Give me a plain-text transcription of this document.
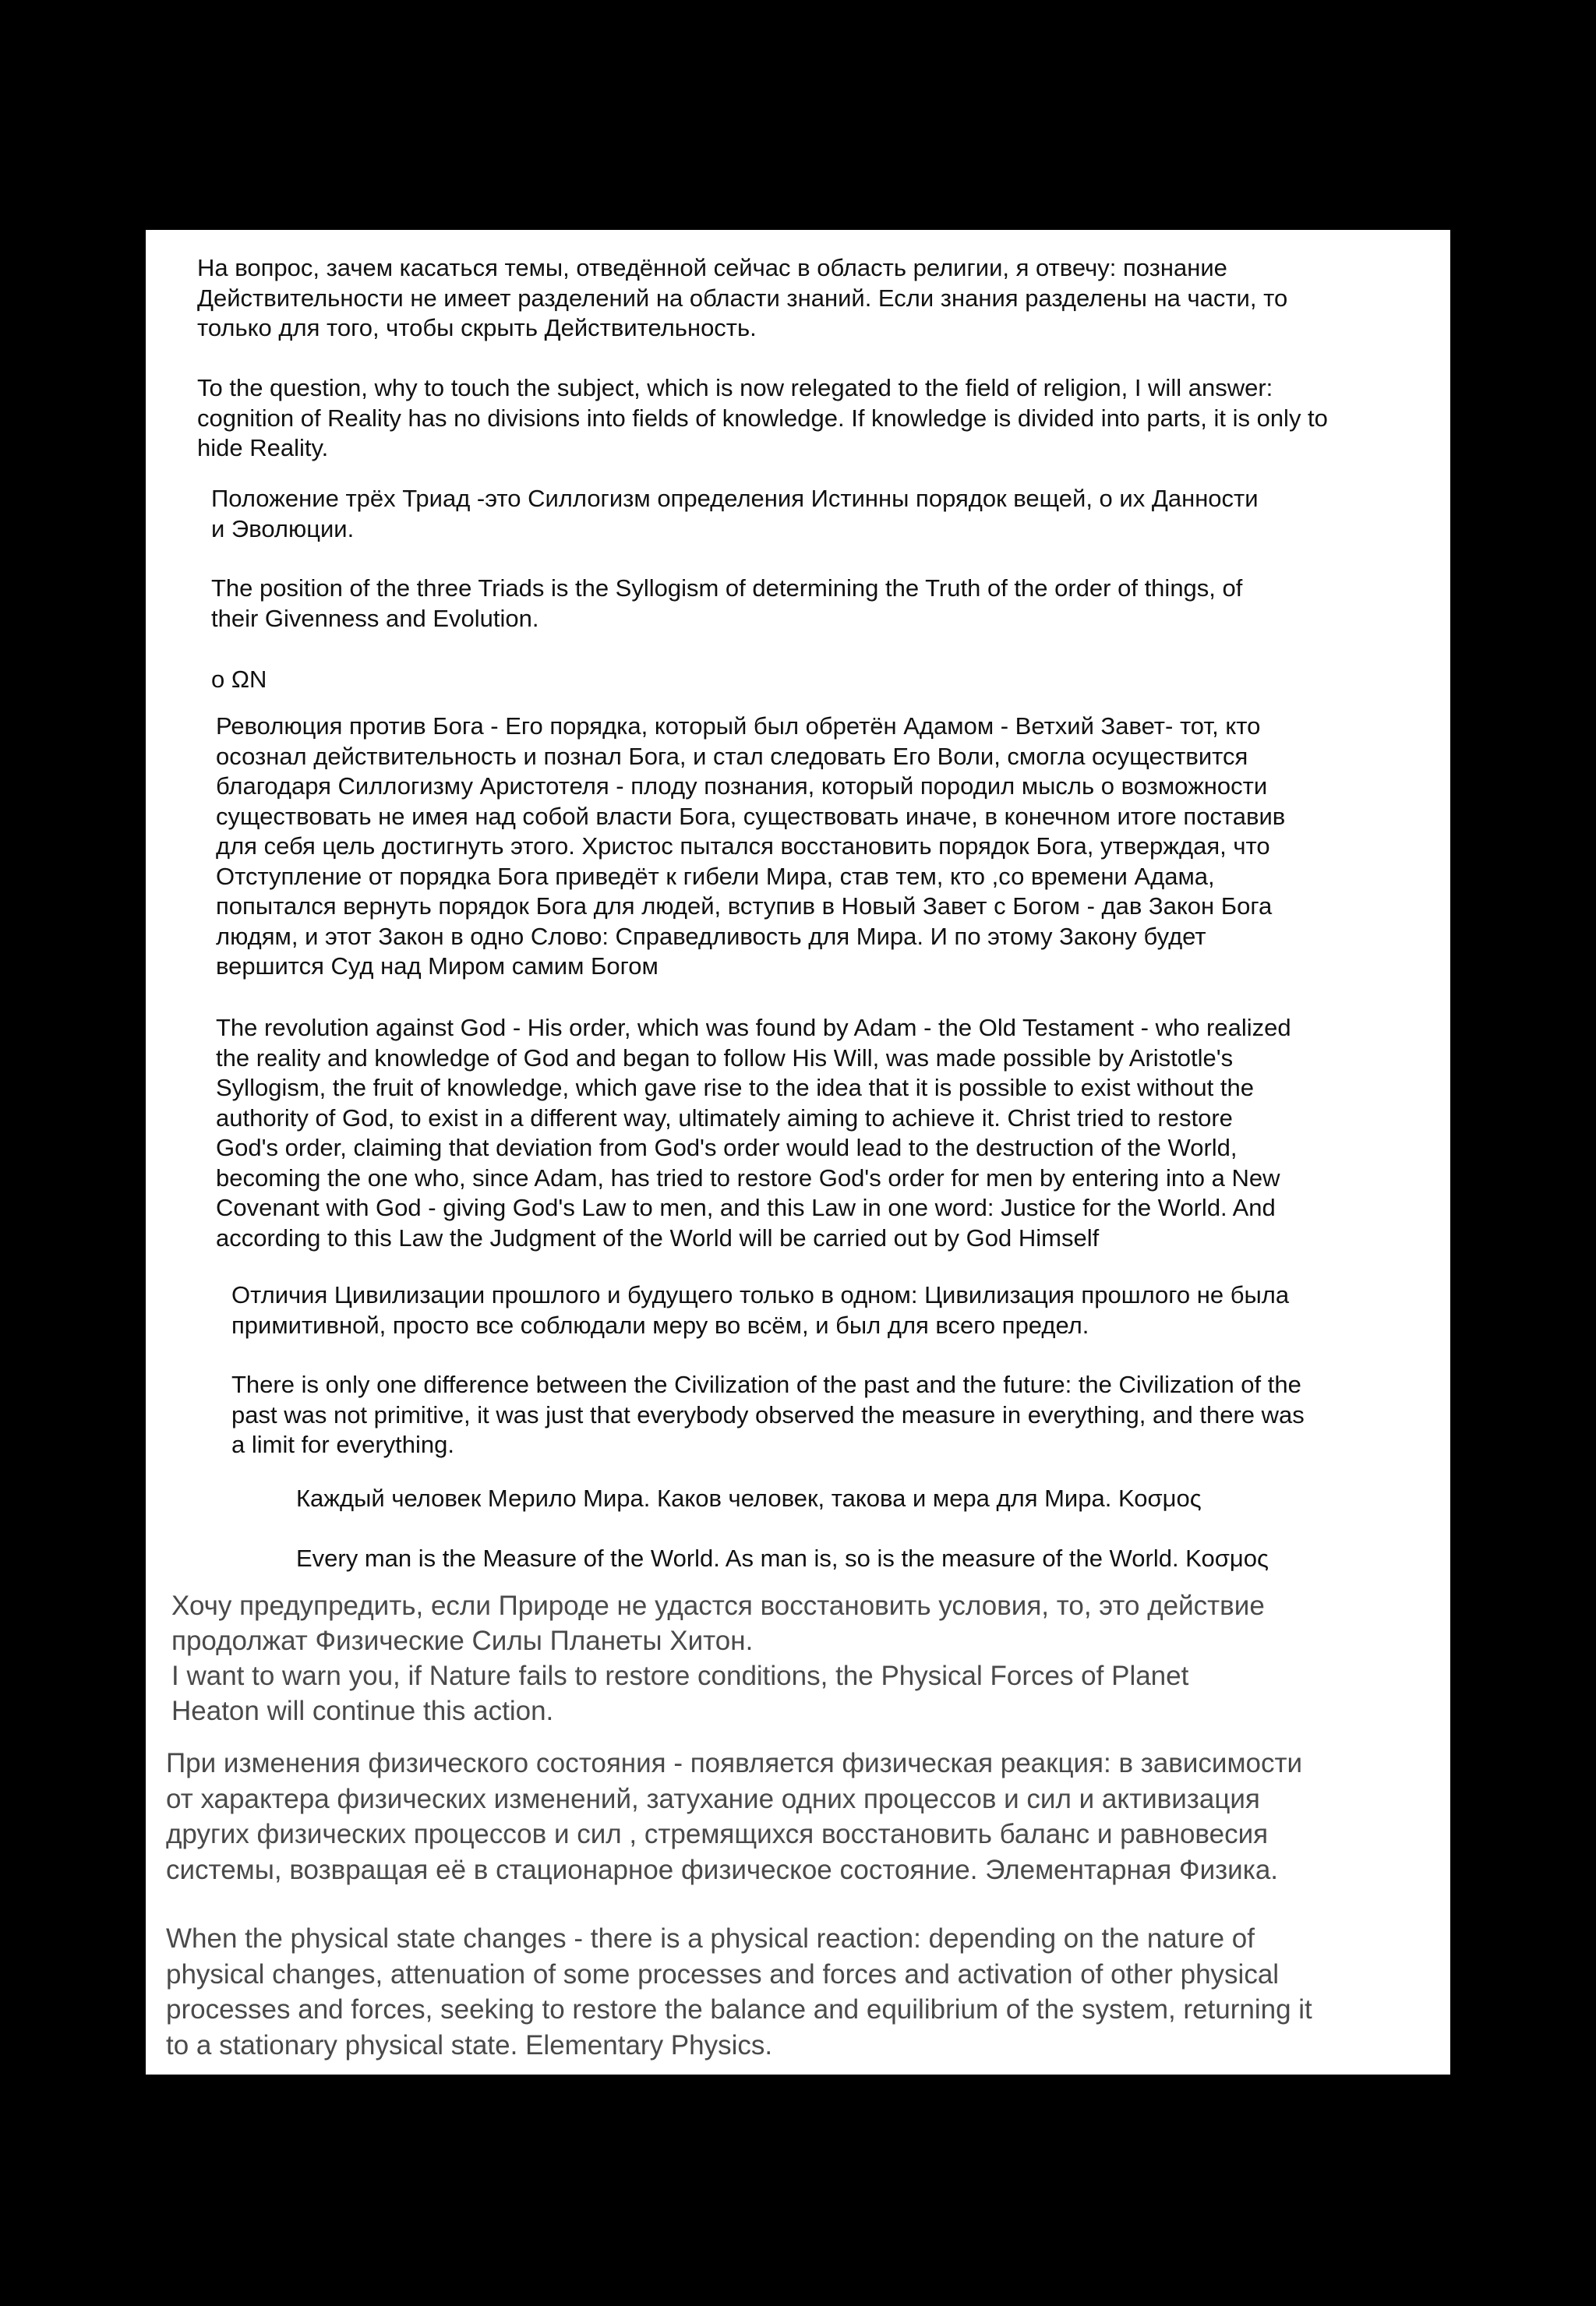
На вопрос, зачем касаться темы, отведённой сейчас в область религии, я отвечу: познание
Действительности не имеет разделений на области знаний. Если знания разделены на части, то
только для того, чтобы скрыть Действительность.

To the question, why to touch the subject, which is now relegated to the field of religion, I will answer:
cognition of Reality has no divisions into fields of knowledge. If knowledge is divided into parts, it is only to
hide Reality.

Положение трёх Триад -это Силлогизм определения Истинны порядок вещей, о их Данности
и Эволюции.

The position of the three Triads is the Syllogism of determining the Truth of the order of things, of
their Givenness and Evolution.

о ΩN

Революция против Бога - Его порядка, который был обретён Адамом - Ветхий Завет- тот, кто
осознал действительность и познал Бога, и стал следовать Его Воли, смогла осуществится
благодаря Силлогизму Аристотеля - плоду познания, который породил мысль о возможности
существовать не имея над собой власти Бога, существовать иначе, в конечном итоге поставив
для себя цель достигнуть этого. Христос пытался восстановить порядок Бога, утверждая, что
Отступление от порядка Бога приведёт к гибели Мира, став тем, кто ,со времени Адама,
попытался вернуть порядок Бога для людей, вступив в Новый Завет с Богом - дав Закон Бога
людям, и этот Закон в одно Слово: Справедливость для Мира. И по этому Закону будет
вершится Суд над Миром самим Богом

The revolution against God - His order, which was found by Adam - the Old Testament - who realized
the reality and knowledge of God and began to follow His Will, was made possible by Aristotle's
Syllogism, the fruit of knowledge, which gave rise to the idea that it is possible to exist without the
authority of God, to exist in a different way, ultimately aiming to achieve it. Christ tried to restore
God's order, claiming that deviation from God's order would lead to the destruction of the World,
becoming the one who, since Adam, has tried to restore God's order for men by entering into a New
Covenant with God - giving God's Law to men, and this Law in one word: Justice for the World. And
according to this Law the Judgment of the World will be carried out by God Himself

Отличия Цивилизации прошлого и будущего только в одном: Цивилизация прошлого не была
примитивной, просто все соблюдали меру во всём, и был для всего предел.

There is only one difference between the Civilization of the past and the future: the Civilization of the
past was not primitive, it was just that everybody observed the measure in everything, and there was
a limit for everything.

Каждый человек Мерило Мира. Каков человек, такова и мера для Мира. Κοσμος

Every man is the Measure of the World. As man is, so is the measure of the World. Κοσμος

Хочу предупредить, если Природе не удастся восстановить условия, то, это действие
продолжат Физические Силы Планеты Хитон.
I want to warn you, if Nature fails to restore conditions, the Physical Forces of Planet
Heaton will continue this action.

При изменения физического состояния - появляется физическая реакция: в зависимости
от характера физических изменений, затухание одних процессов и сил и активизация
других физических процессов и сил , стремящихся восстановить баланс и равновесия
системы, возвращая её в стационарное физическое состояние. Элементарная Физика.

When the physical state changes - there is a physical reaction: depending on the nature of
physical changes, attenuation of some processes and forces and activation of other physical
processes and forces, seeking to restore the balance and equilibrium of the system, returning it
to a stationary physical state. Elementary Physics.
